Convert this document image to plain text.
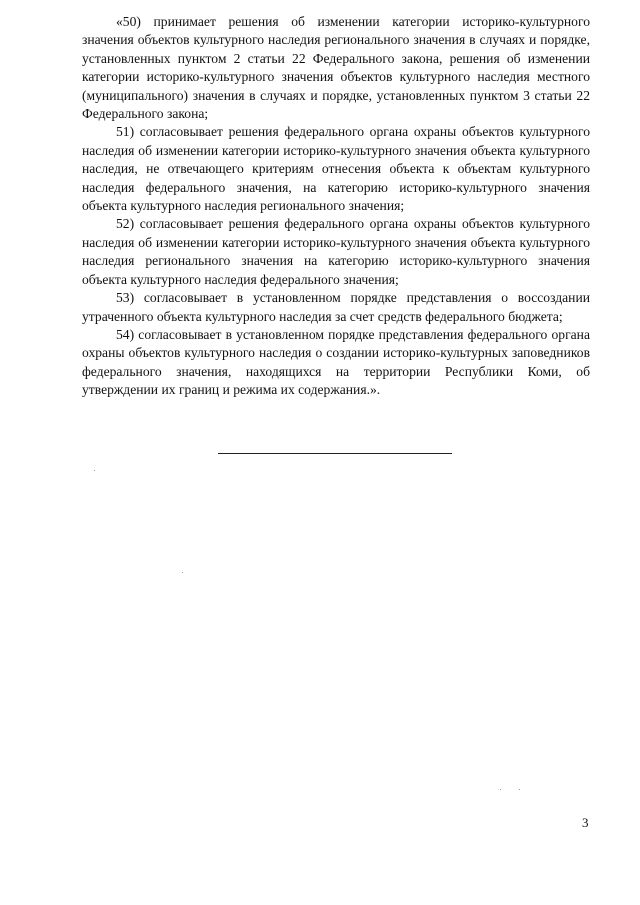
«50) принимает решения об изменении категории историко-культурного значения объектов культурного наследия регионального значения в случаях и порядке, установленных пунктом 2 статьи 22 Федерального закона, решения об изменении категории историко-культурного значения объектов культурного наследия местного (муниципального) значения в случаях и порядке, установленных пунктом 3 статьи 22 Федерального закона;

51) согласовывает решения федерального органа охраны объектов культурного наследия об изменении категории историко-культурного значения объекта культурного наследия, не отвечающего критериям отнесения объекта к объектам культурного наследия федерального значения, на категорию историко-культурного значения объекта культурного наследия регионального значения;

52) согласовывает решения федерального органа охраны объектов культурного наследия об изменении категории историко-культурного значения объекта культурного наследия регионального значения на категорию историко-культурного значения объекта культурного наследия федерального значения;

53) согласовывает в установленном порядке представления о воссоздании утраченного объекта культурного наследия за счет средств федерального бюджета;

54) согласовывает в установленном порядке представления федерального органа охраны объектов культурного наследия о создании историко-культурных заповедников федерального значения, находящихся на территории Республики Коми, об утверждении их границ и режима их содержания.».

3
